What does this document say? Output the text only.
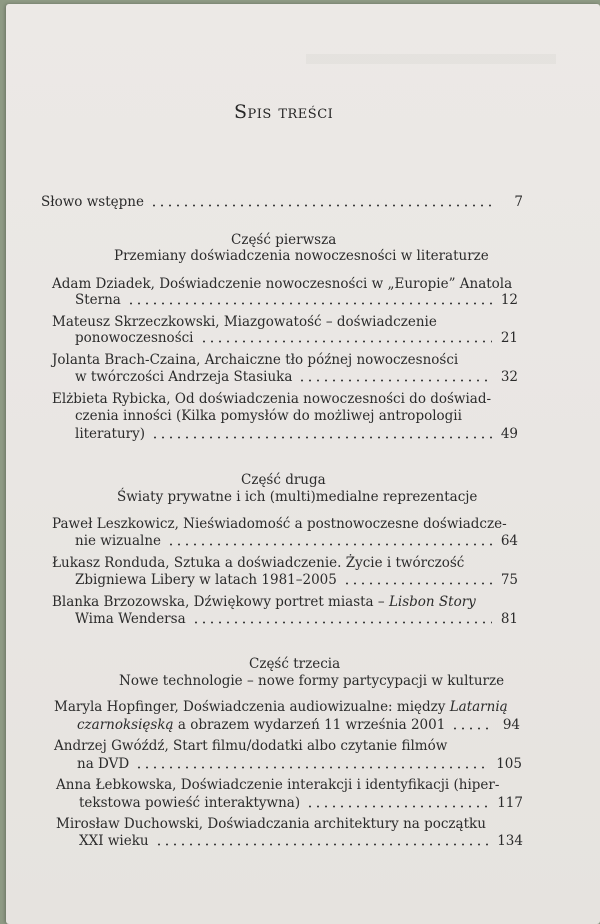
Spis treści
Słowo wstępne	7
Część pierwsza
Przemiany doświadczenia nowoczesności w literaturze
Adam Dziadek, Doświadczenie nowoczesności w „Europie” Anatola
Sterna	12
Mateusz Skrzeczkowski, Miazgowatość – doświadczenie
ponowoczesności	21
Jolanta Brach-Czaina, Archaiczne tło późnej nowoczesności
w twórczości Andrzeja Stasiuka	32
Elżbieta Rybicka, Od doświadczenia nowoczesności do doświad-
czenia inności (Kilka pomysłów do możliwej antropologii
literatury)	49
Część druga
Światy prywatne i ich (multi)medialne reprezentacje
Paweł Leszkowicz, Nieświadomość a postnowoczesne doświadcze-
nie wizualne	64
Łukasz Ronduda, Sztuka a doświadczenie. Życie i twórczość
Zbigniewa Libery w latach 1981–2005	75
Blanka Brzozowska, Dźwiękowy portret miasta – Lisbon Story
Wima Wendersa	81
Część trzecia
Nowe technologie – nowe formy partycypacji w kulturze
Maryla Hopfinger, Doświadczenia audiowizualne: między Latarnią
czarnoksięską a obrazem wydarzeń 11 września 2001	94
Andrzej Gwóźdź, Start filmu/dodatki albo czytanie filmów
na DVD	105
Anna Łebkowska, Doświadczenie interakcji i identyfikacji (hiper-
tekstowa powieść interaktywna)	117
Mirosław Duchowski, Doświadczania architektury na początku
XXI wieku	134
